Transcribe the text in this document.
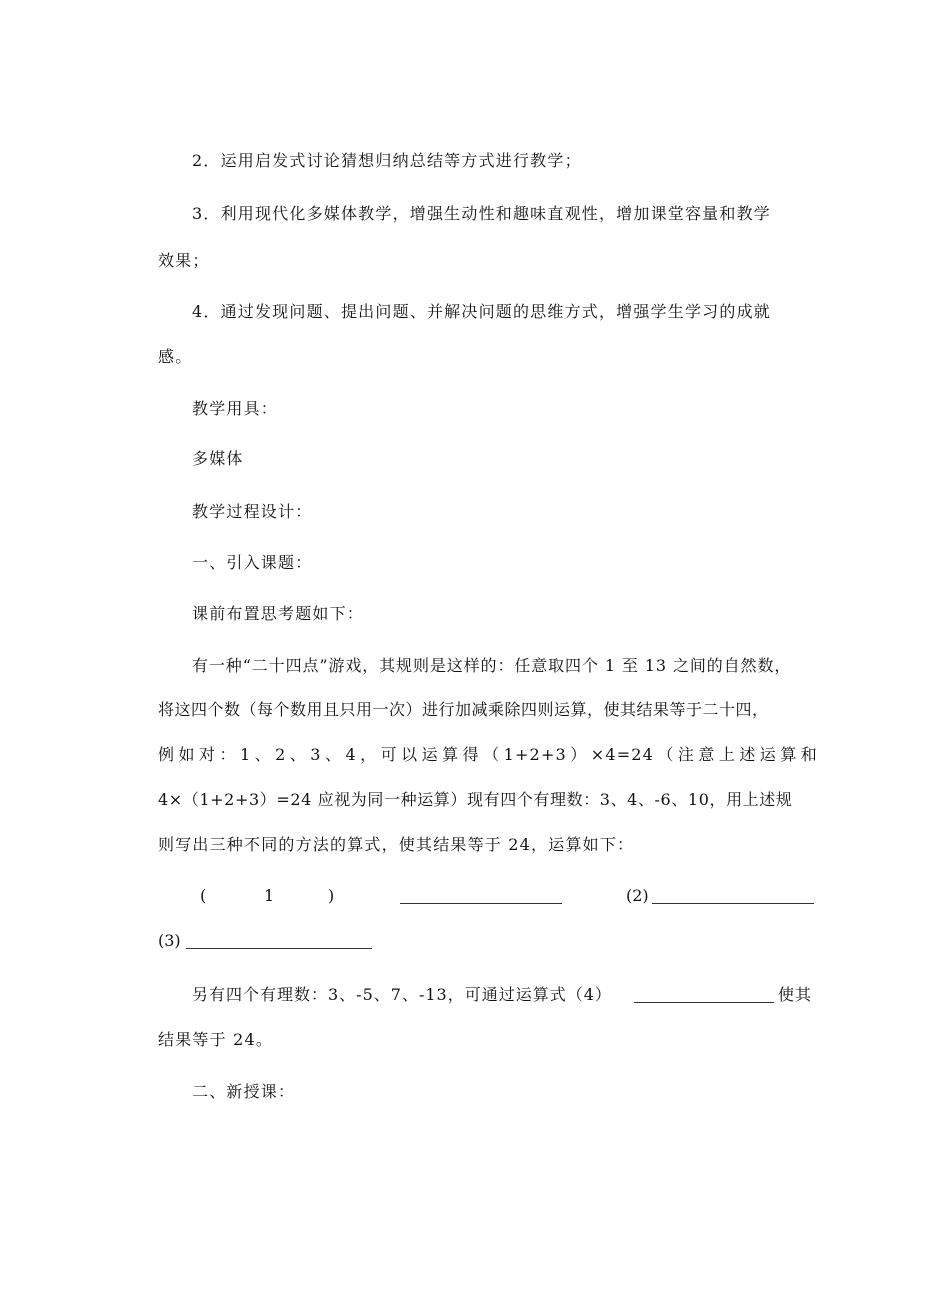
2．运用启发式讨论猜想归纳总结等方式进行教学；
3．利用现代化多媒体教学，增强生动性和趣味直观性，增加课堂容量和教学
效果；
4．通过发现问题、提出问题、并解决问题的思维方式，增强学生学习的成就
感。
教学用具：
多媒体
教学过程设计：
一、引入课题：
课前布置思考题如下：
有一种“二十四点”游戏，其规则是这样的：任意取四个 1 至 13 之间的自然数，
将这四个数（每个数用且只用一次）进行加减乘除四则运算，使其结果等于二十四，
例如对：1、2、3、4，可以运算得（1+2+3）×4=24（注意上述运算和
4×（1+2+3）=24 应视为同一种运算）现有四个有理数：3、4、-6、10，用上述规
则写出三种不同的方法的算式，使其结果等于 24，运算如下：
(	1	)	(2)
(3)
另有四个有理数：3、-5、7、-13，可通过运算式（4）	使其
结果等于 24。
二、新授课：
